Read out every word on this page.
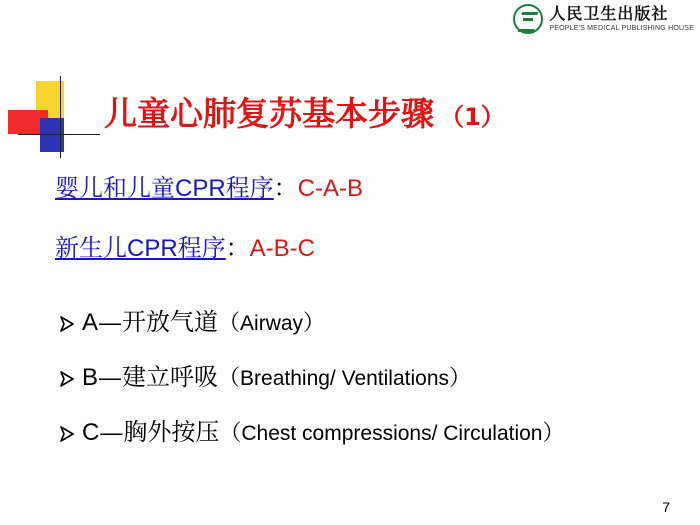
人民卫生出版社
PEOPLE'S MEDICAL PUBLISHING HOUSE
儿童心肺复苏基本步骤 （1）
婴儿和儿童CPR程序：C-A-B
新生儿CPR程序：A-B-C
A — 开放气道 （ Airway ）
B — 建立呼吸 （ Breathing/ Ventilations ）
C — 胸外按压 （ Chest compressions/ Circulation ）
7
